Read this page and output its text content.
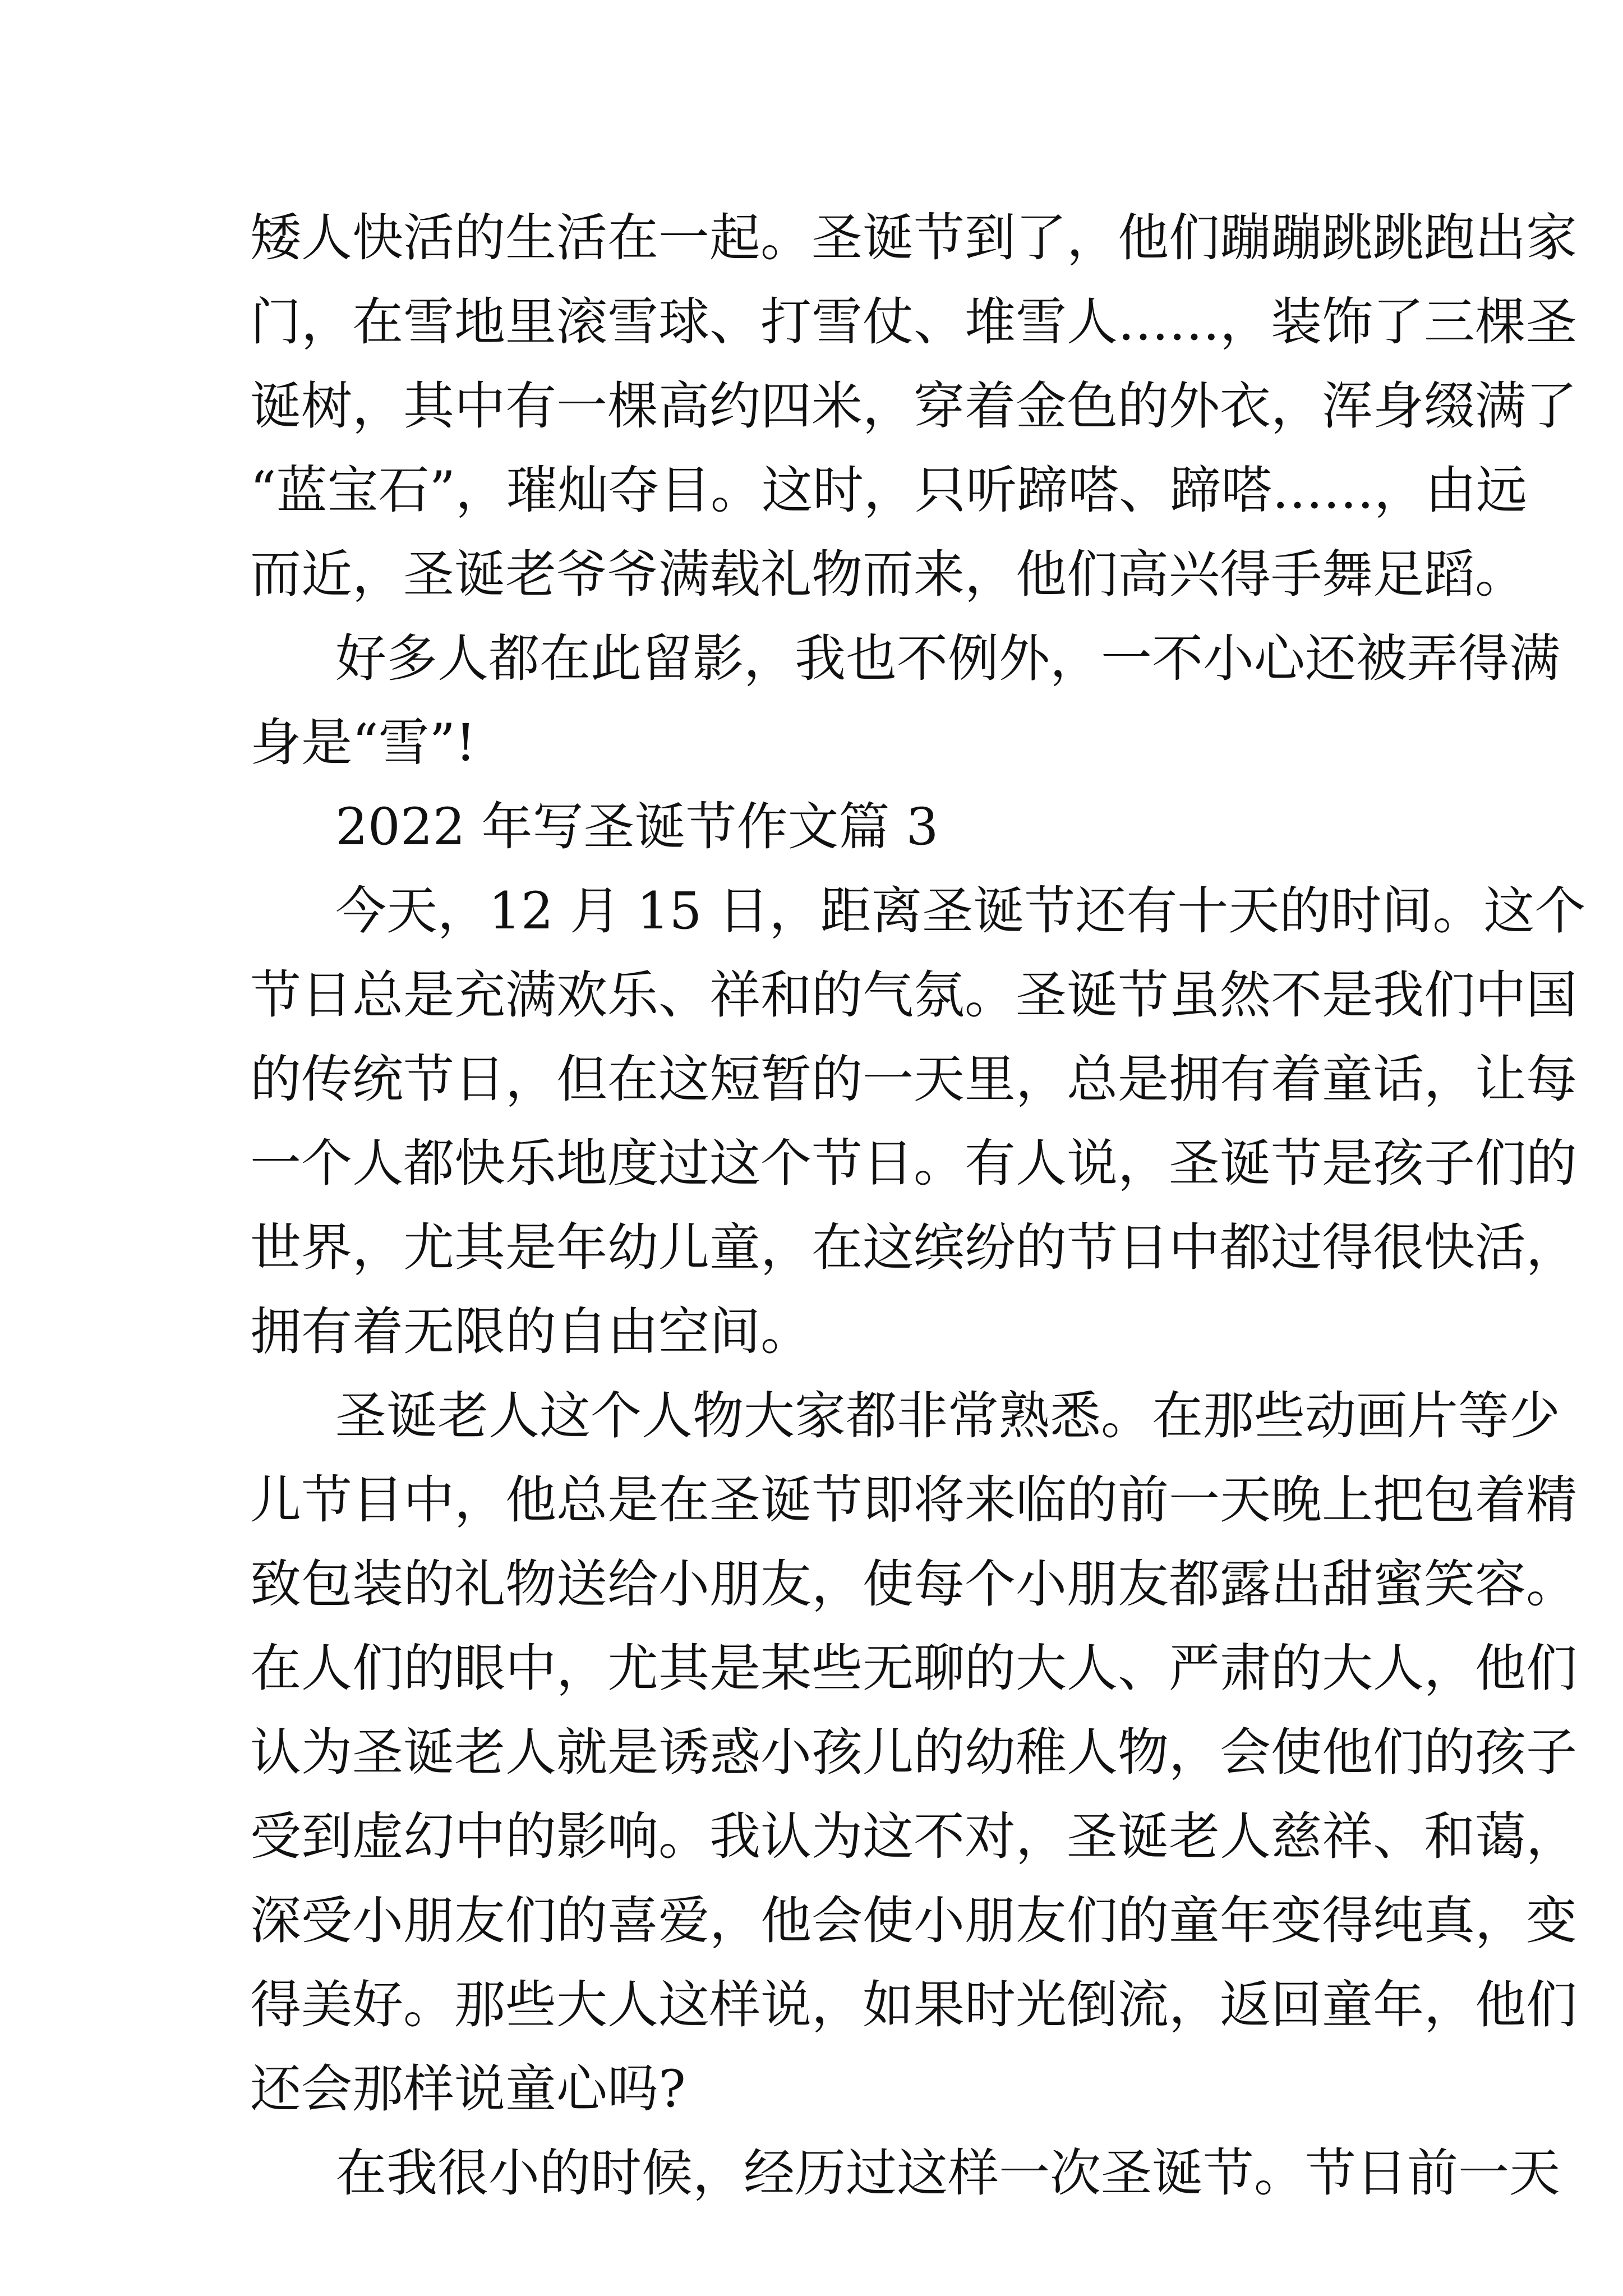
矮人快活的生活在一起。圣诞节到了，他们蹦蹦跳跳跑出家
门，在雪地里滚雪球、打雪仗、堆雪人……，装饰了三棵圣
诞树，其中有一棵高约四米，穿着金色的外衣，浑身缀满了
“蓝宝石”，璀灿夺目。这时，只听蹄嗒、蹄嗒……，由远
而近，圣诞老爷爷满载礼物而来，他们高兴得手舞足蹈。

好多人都在此留影，我也不例外，一不小心还被弄得满
身是“雪”!

2022 年写圣诞节作文篇 3

今天，12 月 15 日，距离圣诞节还有十天的时间。这个
节日总是充满欢乐、祥和的气氛。圣诞节虽然不是我们中国
的传统节日，但在这短暂的一天里，总是拥有着童话，让每
一个人都快乐地度过这个节日。有人说，圣诞节是孩子们的
世界，尤其是年幼儿童，在这缤纷的节日中都过得很快活，
拥有着无限的自由空间。

圣诞老人这个人物大家都非常熟悉。在那些动画片等少
儿节目中，他总是在圣诞节即将来临的前一天晚上把包着精
致包装的礼物送给小朋友，使每个小朋友都露出甜蜜笑容。
在人们的眼中，尤其是某些无聊的大人、严肃的大人，他们
认为圣诞老人就是诱惑小孩儿的幼稚人物，会使他们的孩子
受到虚幻中的影响。我认为这不对，圣诞老人慈祥、和蔼，
深受小朋友们的喜爱，他会使小朋友们的童年变得纯真，变
得美好。那些大人这样说，如果时光倒流，返回童年，他们
还会那样说童心吗?

在我很小的时候，经历过这样一次圣诞节。节日前一天
